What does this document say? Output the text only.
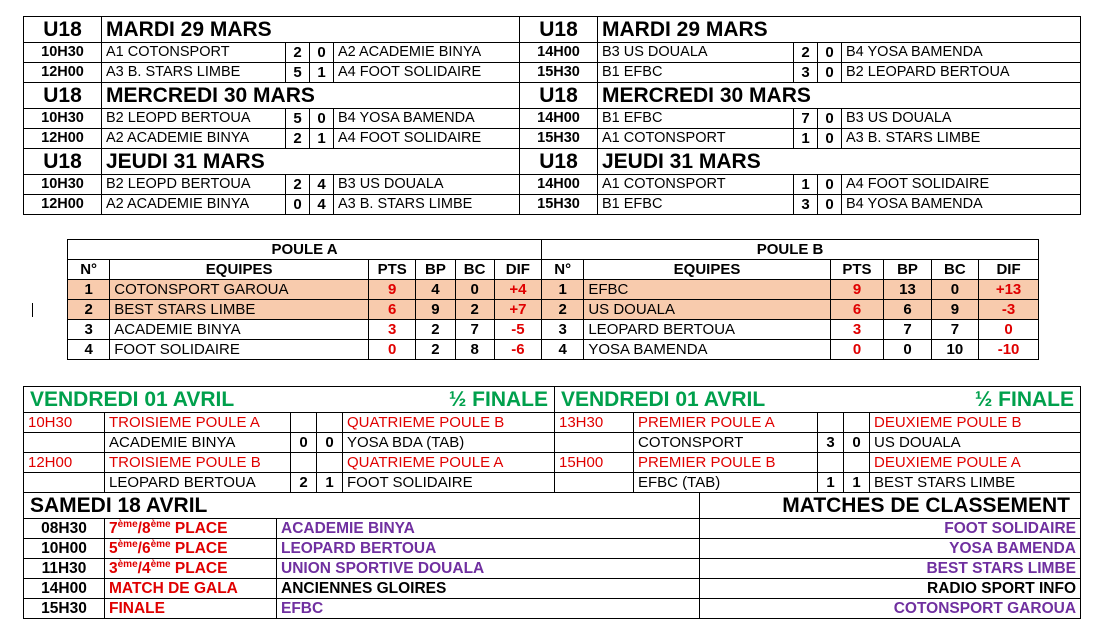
U18	MARDI 29 MARS				U18	MARDI 29 MARS			
10H30	A1 COTONSPORT	2	0	A2 ACADEMIE BINYA	14H00	B3 US DOUALA	2	0	B4 YOSA BAMENDA
12H00	A3 B. STARS LIMBE	5	1	A4 FOOT SOLIDAIRE	15H30	B1 EFBC	3	0	B2 LEOPARD BERTOUA
U18	MERCREDI 30 MARS				U18	MERCREDI 30 MARS			
10H30	B2 LEOPD BERTOUA	5	0	B4 YOSA BAMENDA	14H00	B1 EFBC	7	0	B3 US DOUALA
12H00	A2 ACADEMIE BINYA	2	1	A4 FOOT SOLIDAIRE	15H30	A1 COTONSPORT	1	0	A3 B. STARS LIMBE
U18	JEUDI 31 MARS				U18	JEUDI 31 MARS			
10H30	B2 LEOPD BERTOUA	2	4	B3 US DOUALA	14H00	A1 COTONSPORT	1	0	A4 FOOT SOLIDAIRE
12H00	A2 ACADEMIE BINYA	0	4	A3 B. STARS LIMBE	15H30	B1 EFBC	3	0	B4 YOSA BAMENDA
POULE A						POULE B					
N°	EQUIPES	PTS	BP	BC	DIF	N°	EQUIPES	PTS	BP	BC	DIF
1	COTONSPORT GAROUA	9	4	0	+4	1	EFBC	9	13	0	+13
2	BEST STARS LIMBE	6	9	2	+7	2	US DOUALA	6	6	9	-3
3	ACADEMIE BINYA	3	2	7	-5	3	LEOPARD BERTOUA	3	7	7	0
4	FOOT SOLIDAIRE	0	2	8	-6	4	YOSA BAMENDA	0	0	10	-10
VENDREDI 01 AVRIL ½ FINALE					VENDREDI 01 AVRIL ½ FINALE				

10H30	TROISIEME POULE A			QUATRIEME POULE B	13H30	PREMIER POULE A			DEUXIEME POULE B
	ACADEMIE BINYA	0	0	YOSA BDA (TAB)		COTONSPORT	3	0	US DOUALA
12H00	TROISIEME POULE B			QUATRIEME POULE A	15H00	PREMIER POULE B			DEUXIEME POULE A
	LEOPARD BERTOUA	2	1	FOOT SOLIDAIRE		EFBC (TAB)	1	1	BEST STARS LIMBE
SAMEDI 18 AVRIL			MATCHES DE CLASSEMENT
08H30	7ème/8ème PLACE	ACADEMIE BINYA	FOOT SOLIDAIRE
10H00	5ème/6ème PLACE	LEOPARD BERTOUA	YOSA BAMENDA
11H30	3ème/4ème PLACE	UNION SPORTIVE DOUALA	BEST STARS LIMBE
14H00	MATCH DE GALA	ANCIENNES GLOIRES	RADIO SPORT INFO
15H30	FINALE	EFBC	COTONSPORT GAROUA
